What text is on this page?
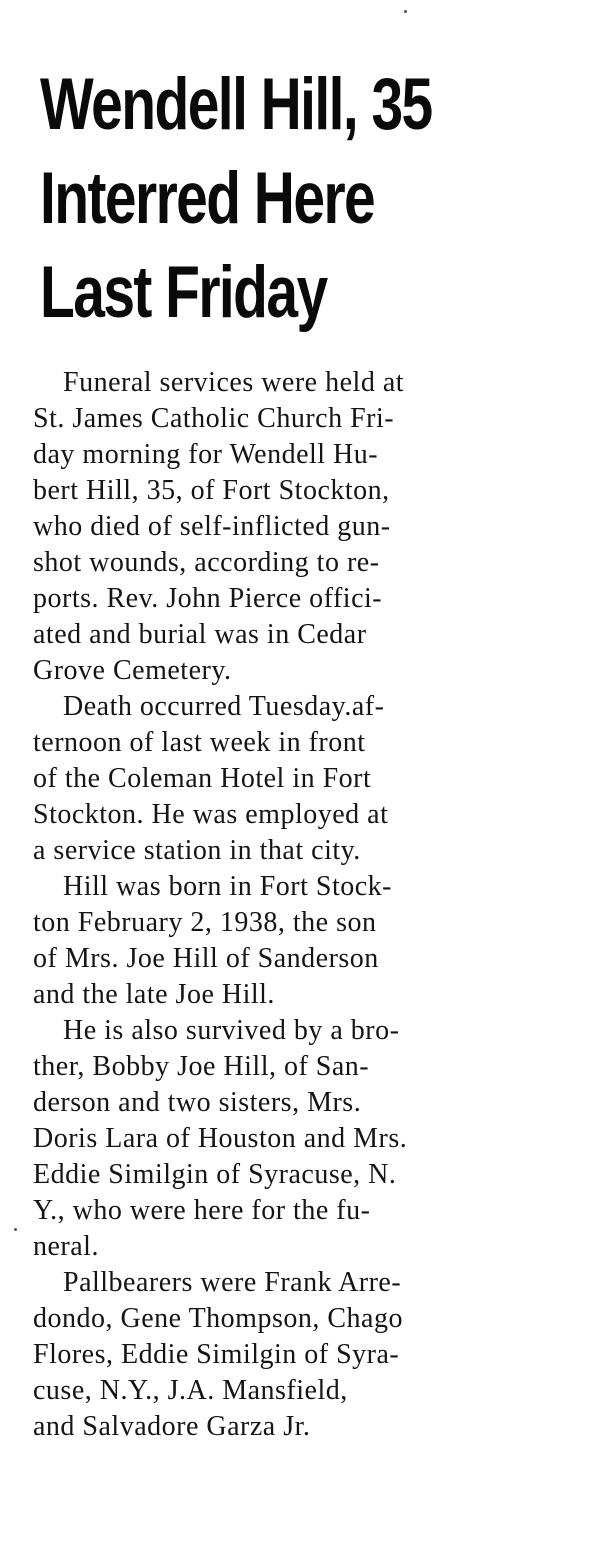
Wendell Hill, 35
Interred Here
Last Friday
Funeral services were held at
St. James Catholic Church Fri-
day morning for Wendell Hu-
bert Hill, 35, of Fort Stockton,
who died of self-inflicted gun-
shot wounds, according to re-
ports. Rev. John Pierce offici-
ated and burial was in Cedar
Grove Cemetery.
Death occurred Tuesday.af-
ternoon of last week in front
of the Coleman Hotel in Fort
Stockton. He was employed at
a service station in that city.
Hill was born in Fort Stock-
ton February 2, 1938, the son
of Mrs. Joe Hill of Sanderson
and the late Joe Hill.
He is also survived by a bro-
ther, Bobby Joe Hill, of San-
derson and two sisters, Mrs.
Doris Lara of Houston and Mrs.
Eddie Similgin of Syracuse, N.
Y., who were here for the fu-
neral.
Pallbearers were Frank Arre-
dondo, Gene Thompson, Chago
Flores, Eddie Similgin of Syra-
cuse, N.Y., J.A. Mansfield,
and Salvadore Garza Jr.
